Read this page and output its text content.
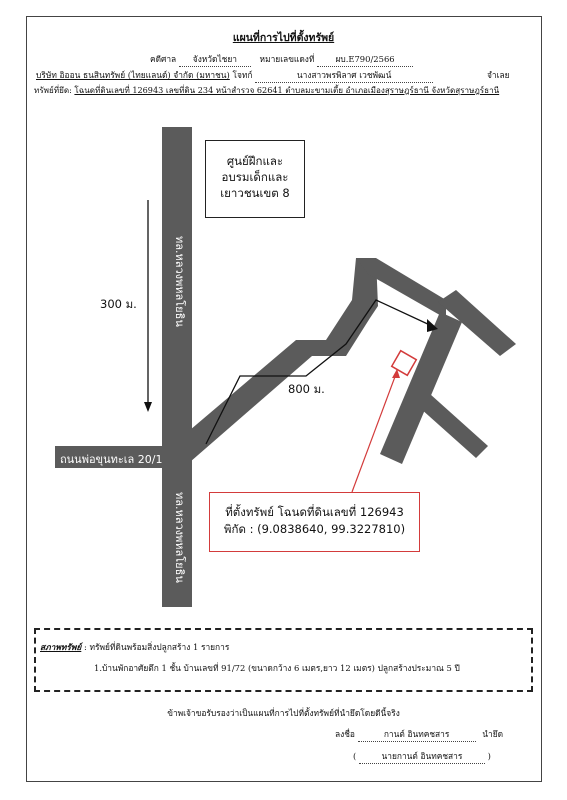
แผนที่การไปที่ตั้งทรัพย์
คดีศาล จังหวัดไชยา	หมายเลขแดงที่	ผบ.E790/2566
บริษัท อิออน ธนสินทรัพย์ (ไทยแลนด์) จำกัด (มหาชน) โจทก์	นางสาวพรพิลาศ เวชพัฒน์	จำเลย
ทรัพย์ที่ยึด: โฉนดที่ดินเลขที่ 126943 เลขที่ดิน 234 หน้าสำรวจ 62641 ตำบลมะขามเตี้ย อำเภอเมืองสุราษฎร์ธานี จังหวัดสุราษฎร์ธานี
ทล.หลวงพหลโยธิน
ทล.หลวงพหลโยธิน
ถนนพ่อขุนทะเล 20/1
ศูนย์ฝึกและ
อบรมเด็กและ
เยาวชนเขต 8
300 ม.
800 ม.
ที่ตั้งทรัพย์ โฉนดที่ดินเลขที่ 126943
พิกัด : (9.0838640, 99.3227810)
สภาพทรัพย์ : ทรัพย์ที่ดินพร้อมสิ่งปลูกสร้าง 1 รายการ
1.บ้านพักอาศัยตึก 1 ชั้น บ้านเลขที่ 91/72 (ขนาดกว้าง 6 เมตร,ยาว 12 เมตร) ปลูกสร้างประมาณ 5 ปี
ข้าพเจ้าขอรับรองว่าเป็นแผนที่การไปที่ตั้งทรัพย์ที่นำยึดโดยดีนี้จริง
ลงชื่อ	กานต์ อินทคชสาร	นำยึด
(	นายกานต์ อินทคชสาร	)
